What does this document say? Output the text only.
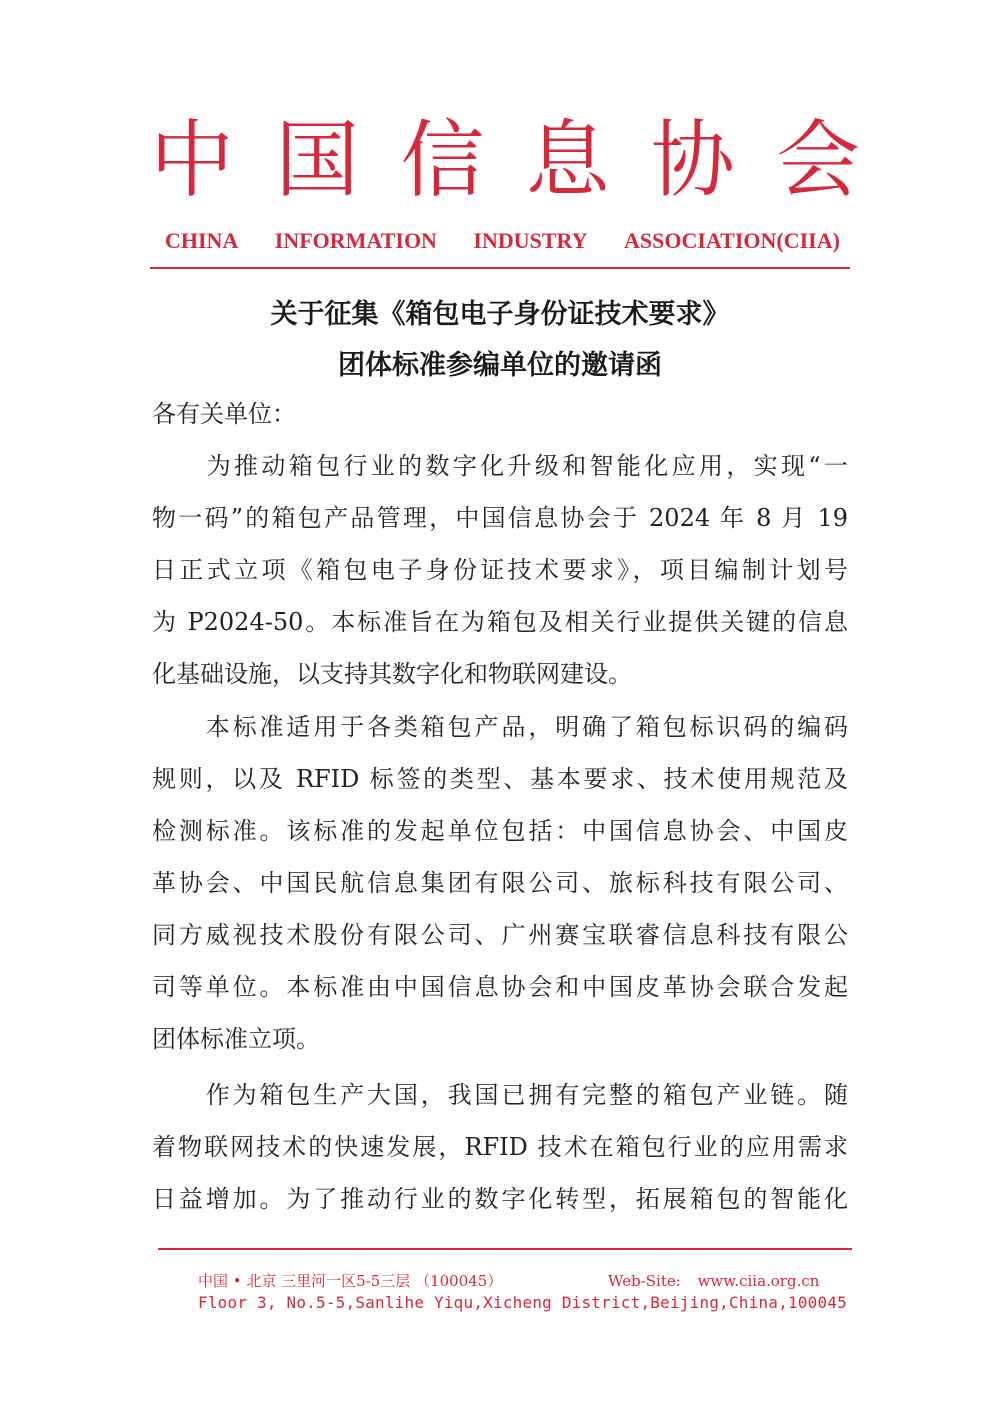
中 国 信 息 协 会
CHINA INFORMATION INDUSTRY ASSOCIATION(CIIA)
关于征集《箱包电子身份证技术要求》
团体标准参编单位的邀请函
各有关单位：
　　为推动箱包行业的数字化升级和智能化应用，实现“一
物一码”的箱包产品管理，中国信息协会于 2024 年 8 月 19
日正式立项《箱包电子身份证技术要求》，项目编制计划号
为 P2024-50。本标准旨在为箱包及相关行业提供关键的信息
化基础设施，以支持其数字化和物联网建设。
　　本标准适用于各类箱包产品，明确了箱包标识码的编码
规则，以及 RFID 标签的类型、基本要求、技术使用规范及
检测标准。该标准的发起单位包括：中国信息协会、中国皮
革协会、中国民航信息集团有限公司、旅标科技有限公司、
同方威视技术股份有限公司、广州赛宝联睿信息科技有限公
司等单位。本标准由中国信息协会和中国皮革协会联合发起
团体标准立项。
　　作为箱包生产大国，我国已拥有完整的箱包产业链。随
着物联网技术的快速发展，RFID 技术在箱包行业的应用需求
日益增加。为了推动行业的数字化转型，拓展箱包的智能化
中国 • 北京 三里河一区5-5三层 （100045）	Web-Site: www.ciia.org.cn
Floor 3, No.5-5,Sanlihe Yiqu,Xicheng District,Beijing,China,100045
